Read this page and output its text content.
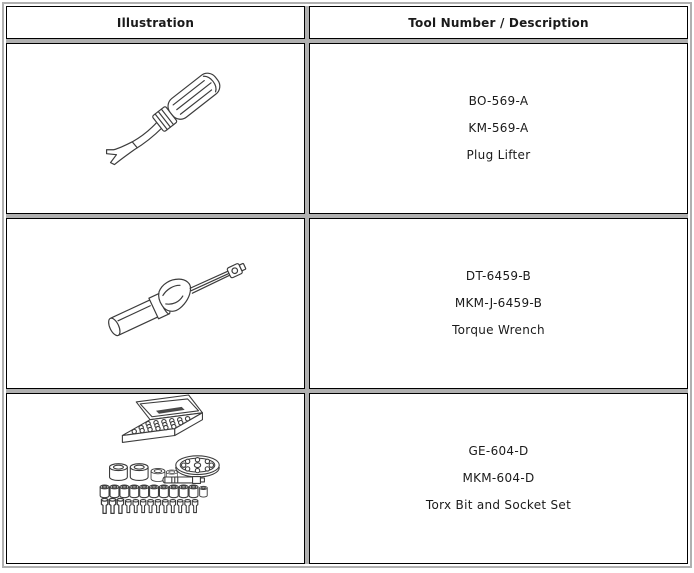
Illustration	Tool Number / Description
BO-569-A
KM-569-A
Plug Lifter
DT-6459-B
MKM-J-6459-B
Torque Wrench
GE-604-D
MKM-604-D
Torx Bit and Socket Set
